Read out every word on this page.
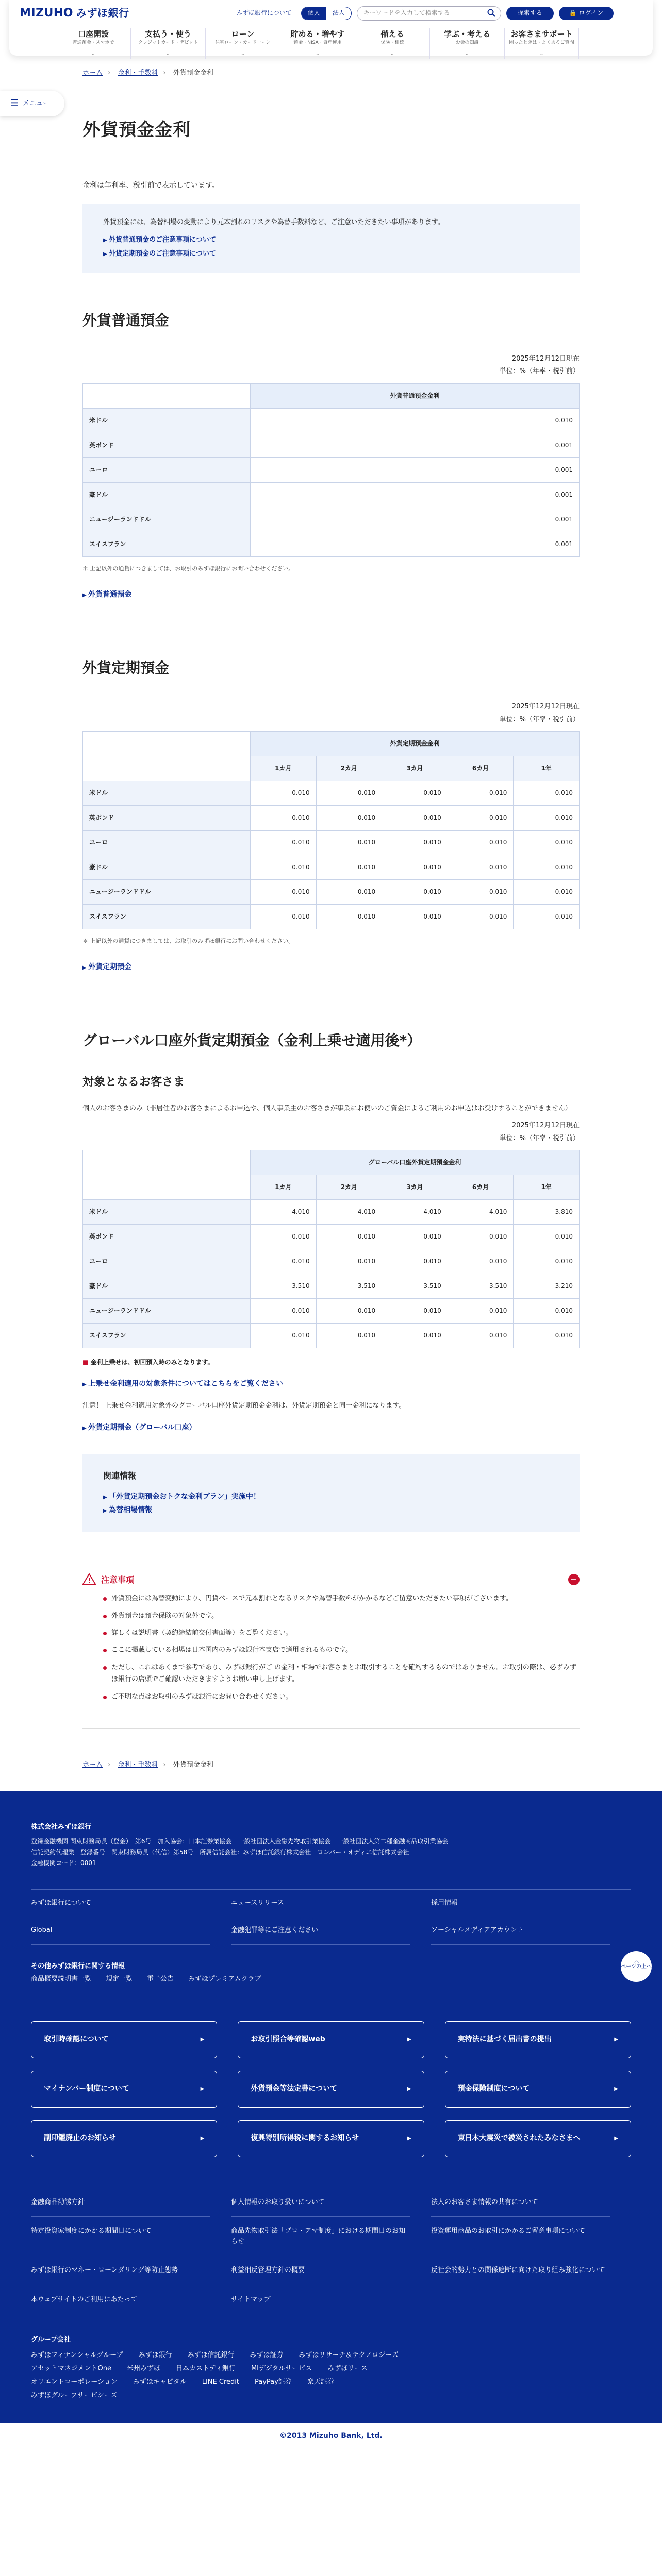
MIZUHO みずほ銀行	みずほ銀行について	個人	法人	キーワードを入力して検索する	探索する	🔒 ログイン
口座開設
普通預金・スマホで
⌄
支払う・使う
クレジットカード・デビット
⌄
ローン
住宅ローン・カードローン
⌄
貯める・増やす
預金・NISA・資産運用
⌄
備える
保険・相続
⌄
学ぶ・考える
お金の知識
⌄
お客さまサポート
困ったときは・よくあるご質問
⌄
☰ メニュー
ホーム › 金利・手数料 › 外貨預金金利
外貨預金金利

金利は年利率、税引前で表示しています。

外貨預金には、為替相場の変動により元本割れのリスクや為替手数料など、ご注意いただきたい事項があります。

▶ 外貨普通預金のご注意事項について
▶ 外貨定期預金のご注意事項について
外貨普通預金
2025年12月12日現在
単位：%（年率・税引前）
	外貨普通預金金利
米ドル	0.010
英ポンド	0.001
ユーロ	0.001
豪ドル	0.001
ニュージーランドドル	0.001
スイスフラン	0.001

＊ 上記以外の通貨につきましては、お取引のみずほ銀行にお問い合わせください。

▶ 外貨普通預金
外貨定期預金
2025年12月12日現在
単位：%（年率・税引前）
	外貨定期預金金利				
	1カ月	2カ月	3カ月	6カ月	1年
米ドル	0.010	0.010	0.010	0.010	0.010
英ポンド	0.010	0.010	0.010	0.010	0.010
ユーロ	0.010	0.010	0.010	0.010	0.010
豪ドル	0.010	0.010	0.010	0.010	0.010
ニュージーランドドル	0.010	0.010	0.010	0.010	0.010
スイスフラン	0.010	0.010	0.010	0.010	0.010

＊ 上記以外の通貨につきましては、お取引のみずほ銀行にお問い合わせください。

▶ 外貨定期預金
グローバル口座外貨定期預金（金利上乗せ適用後*）
対象となるお客さま

個人のお客さまのみ（非居住者のお客さまによるお申込や、個人事業主のお客さまが事業にお使いのご資金によるご利用のお申込はお受けすることができません）

2025年12月12日現在
単位：%（年率・税引前）
	グローバル口座外貨定期預金金利				
	1カ月	2カ月	3カ月	6カ月	1年
米ドル	4.010	4.010	4.010	4.010	3.810
英ポンド	0.010	0.010	0.010	0.010	0.010
ユーロ	0.010	0.010	0.010	0.010	0.010
豪ドル	3.510	3.510	3.510	3.510	3.210
ニュージーランドドル	0.010	0.010	0.010	0.010	0.010
スイスフラン	0.010	0.010	0.010	0.010	0.010

■ 金利上乗せは、初回預入時のみとなります。

▶ 上乗せ金利適用の対象条件についてはこちらをご覧ください

注意！ 上乗せ金利適用対象外のグローバル口座外貨定期預金金利は、外貨定期預金と同一金利になります。

▶ 外貨定期預金（グローバル口座）
関連情報
▶ 「外貨定期預金おトクな金利プラン」実施中！
▶ 為替相場情報
注意事項	−
外貨預金には為替変動により、円貨ベースで元本割れとなるリスクや為替手数料がかかるなどご留意いただきたい事項がございます。
外貨預金は預金保険の対象外です。
詳しくは説明書（契約締結前交付書面等）をご覧ください。
ここに掲載している相場は日本国内のみずほ銀行本支店で適用されるものです。
ただし、これはあくまで参考であり、みずほ銀行がご の金利・相場でお客さまとお取引することを確約するものではありません。お取引の際は、必ずみずほ銀行の店頭でご確認いただきますようお願い申し上げます。
ご不明な点はお取引のみずほ銀行にお問い合わせください。
ホーム › 金利・手数料 › 外貨預金金利
株式会社みずほ銀行
登録金融機関 関東財務局長（登金）　第6号　加入協会：日本証券業協会　一般社団法人金融先物取引業協会　一般社団法人第二種金融商品取引業協会
信託契約代理業　登録番号　関東財務局長（代信）第58号　所属信託会社：みずほ信託銀行株式会社　ロンバー・オディエ信託株式会社
金融機関コード：0001
みずほ銀行について	ニュースリリース	採用情報
Global	金融犯罪等にご注意ください	ソーシャルメディアアカウント
︿
ページの上へ
その他みずほ銀行に関する情報
商品概要説明書一覧 規定一覧 電子公告 みずほプレミアムクラブ
取引時確認について	▶	お取引照合等確認web	▶	実特法に基づく届出書の提出	▶
マイナンバー制度について	▶	外貨預金等法定書について	▶	預金保険制度について	▶
副印鑑廃止のお知らせ	▶	復興特別所得税に関するお知らせ	▶	東日本大震災で被災されたみなさまへ	▶
金融商品勧誘方針	個人情報のお取り扱いについて	法人のお客さま情報の共有について
特定投資家制度にかかる期間日について	商品先物取引法「プロ・アマ制度」における期間日のお知らせ
投資運用商品のお取引にかかるご留意事項について
みずほ銀行のマネー・ローンダリング等防止態勢	利益相反管理方針の概要	反社会的勢力との関係遮断に向けた取り組み強化について
本ウェブサイトのご利用にあたって	サイトマップ
グループ会社
みずほフィナンシャルグループ みずほ銀行 みずほ信託銀行 みずほ証券 みずほリサーチ＆テクノロジーズ
アセットマネジメントOne 米州みずほ 日本カストディ銀行 MIデジタルサービス みずほリース
オリエントコーポレーション みずほキャピタル LINE Credit PayPay証券 楽天証券
みずほグループサービシーズ
©2013 Mizuho Bank, Ltd.
